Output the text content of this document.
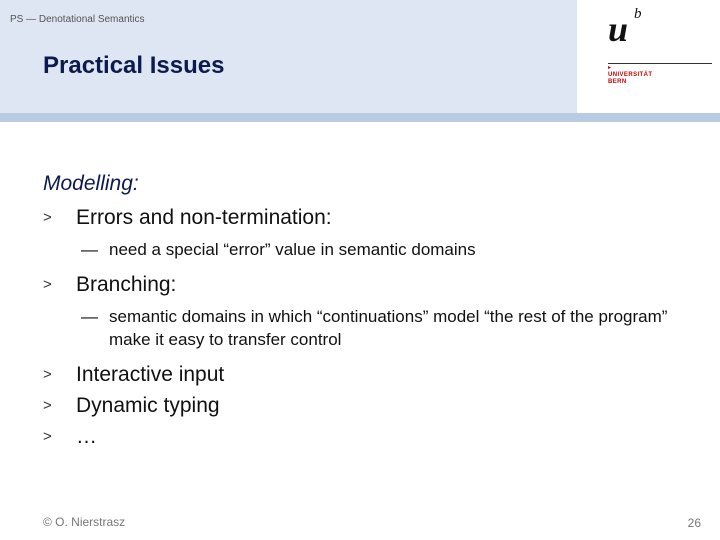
PS — Denotational Semantics
Practical Issues
u b
▸
UNIVERSITÄT
BERN
Modelling:
> Errors and non-termination:
— need a special “error” value in semantic domains
> Branching:
— semantic domains in which “continuations” model “the rest of the program” make it easy to transfer control
> Interactive input
> Dynamic typing
> …
© O. Nierstrasz	26
